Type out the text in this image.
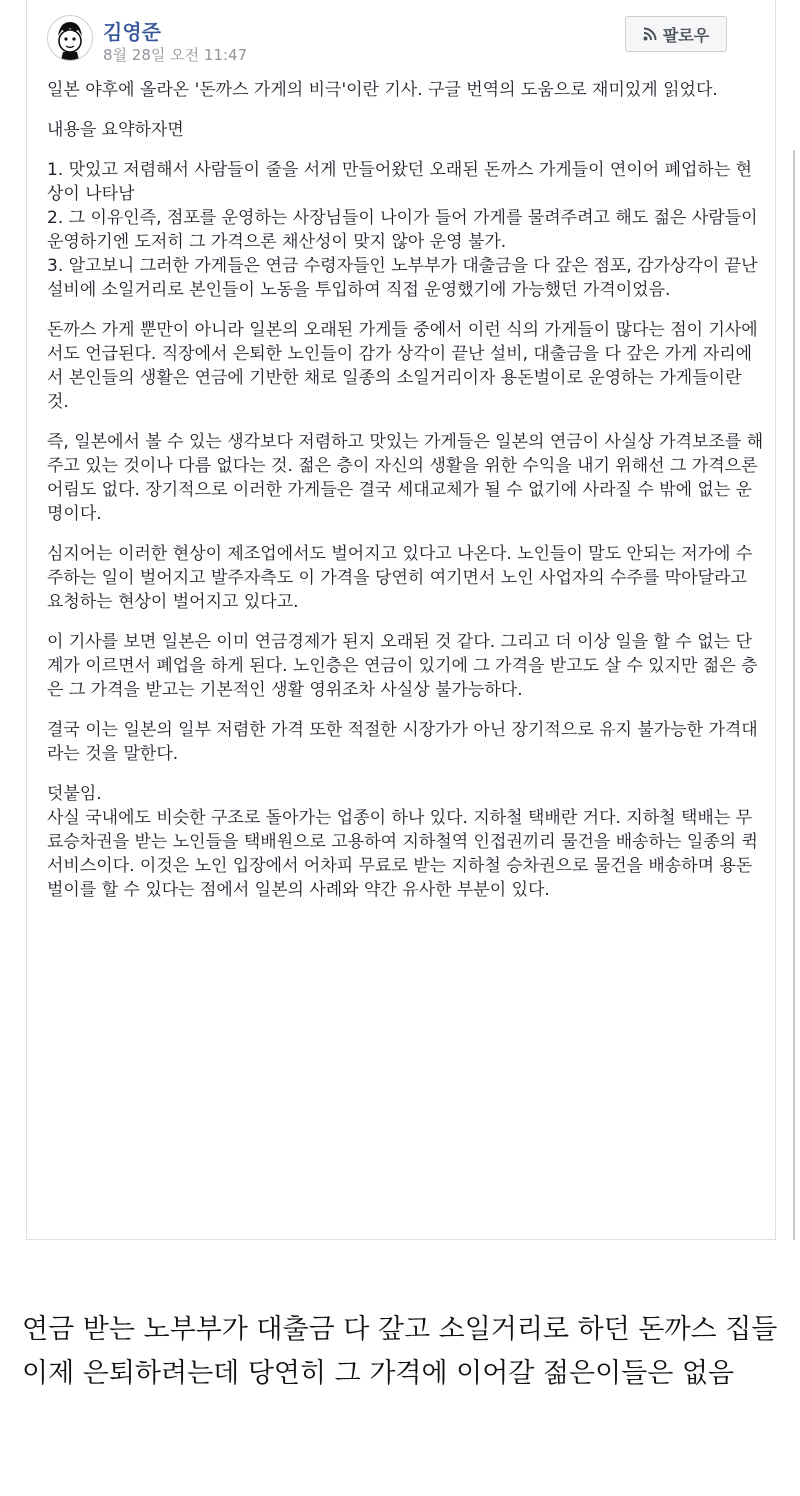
김영준
8월 28일 오전 11:47
팔로우

일본 야후에 올라온 '돈까스 가게의 비극'이란 기사. 구글 번역의 도움으로 재미있게 읽었다.

내용을 요약하자면

1. 맛있고 저렴해서 사람들이 줄을 서게 만들어왔던 오래된 돈까스 가게들이 연이어 폐업하는 현상이 나타남
2. 그 이유인즉, 점포를 운영하는 사장님들이 나이가 들어 가게를 물려주려고 해도 젊은 사람들이 운영하기엔 도저히 그 가격으론 채산성이 맞지 않아 운영 불가.
3. 알고보니 그러한 가게들은 연금 수령자들인 노부부가 대출금을 다 갚은 점포, 감가상각이 끝난 설비에 소일거리로 본인들이 노동을 투입하여 직접 운영했기에 가능했던 가격이었음.

돈까스 가게 뿐만이 아니라 일본의 오래된 가게들 중에서 이런 식의 가게들이 많다는 점이 기사에서도 언급된다. 직장에서 은퇴한 노인들이 감가 상각이 끝난 설비, 대출금을 다 갚은 가게 자리에서 본인들의 생활은 연금에 기반한 채로 일종의 소일거리이자 용돈벌이로 운영하는 가게들이란 것.

즉, 일본에서 볼 수 있는 생각보다 저렴하고 맛있는 가게들은 일본의 연금이 사실상 가격보조를 해주고 있는 것이나 다름 없다는 것. 젊은 층이 자신의 생활을 위한 수익을 내기 위해선 그 가격으론 어림도 없다. 장기적으로 이러한 가게들은 결국 세대교체가 될 수 없기에 사라질 수 밖에 없는 운명이다.

심지어는 이러한 현상이 제조업에서도 벌어지고 있다고 나온다. 노인들이 말도 안되는 저가에 수주하는 일이 벌어지고 발주자측도 이 가격을 당연히 여기면서 노인 사업자의 수주를 막아달라고 요청하는 현상이 벌어지고 있다고.

이 기사를 보면 일본은 이미 연금경제가 된지 오래된 것 같다. 그리고 더 이상 일을 할 수 없는 단계가 이르면서 폐업을 하게 된다. 노인층은 연금이 있기에 그 가격을 받고도 살 수 있지만 젊은 층은 그 가격을 받고는 기본적인 생활 영위조차 사실상 불가능하다.

결국 이는 일본의 일부 저렴한 가격 또한 적절한 시장가가 아닌 장기적으로 유지 불가능한 가격대라는 것을 말한다.

덧붙임.
사실 국내에도 비슷한 구조로 돌아가는 업종이 하나 있다. 지하철 택배란 거다. 지하철 택배는 무료승차권을 받는 노인들을 택배원으로 고용하여 지하철역 인접권끼리 물건을 배송하는 일종의 퀵서비스이다. 이것은 노인 입장에서 어차피 무료로 받는 지하철 승차권으로 물건을 배송하며 용돈벌이를 할 수 있다는 점에서 일본의 사례와 약간 유사한 부분이 있다.

연금 받는 노부부가 대출금 다 갚고 소일거리로 하던 돈까스 집들

이제 은퇴하려는데 당연히 그 가격에 이어갈 젊은이들은 없음
